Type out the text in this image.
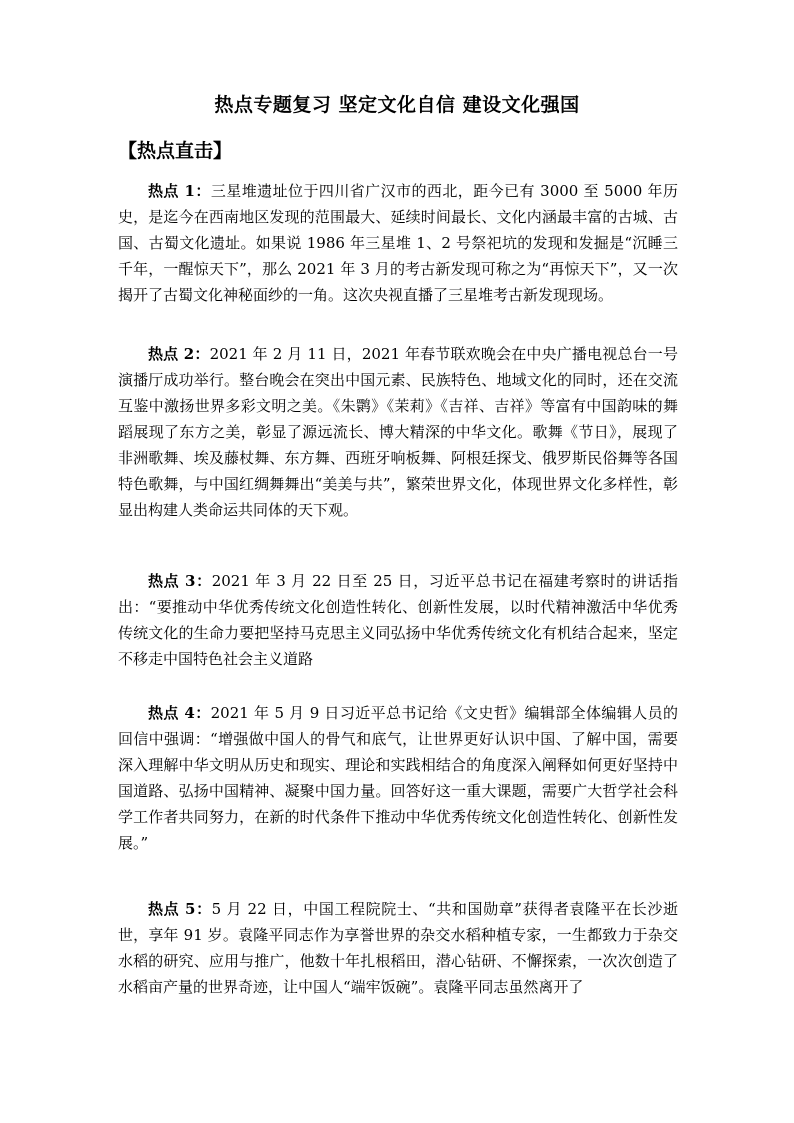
热点专题复习 坚定文化自信 建设文化强国
【热点直击】

热点 1：三星堆遗址位于四川省广汉市的西北，距今已有 3000 至 5000 年历史，是迄今在西南地区发现的范围最大、延续时间最长、文化内涵最丰富的古城、古国、古蜀文化遗址。如果说 1986 年三星堆 1、2 号祭祀坑的发现和发掘是“沉睡三千年，一醒惊天下”，那么 2021 年 3 月的考古新发现可称之为“再惊天下”，又一次揭开了古蜀文化神秘面纱的一角。这次央视直播了三星堆考古新发现现场。

热点 2：2021 年 2 月 11 日，2021 年春节联欢晚会在中央广播电视总台一号演播厅成功举行。整台晚会在突出中国元素、民族特色、地域文化的同时，还在交流互鉴中激扬世界多彩文明之美。《朱鹮》《茉莉》《吉祥、吉祥》等富有中国韵味的舞蹈展现了东方之美，彰显了源远流长、博大精深的中华文化。歌舞《节日》，展现了非洲歌舞、埃及藤杖舞、东方舞、西班牙响板舞、阿根廷探戈、俄罗斯民俗舞等各国特色歌舞，与中国红绸舞舞出“美美与共”，繁荣世界文化，体现世界文化多样性，彰显出构建人类命运共同体的天下观。

热点 3：2021 年 3 月 22 日至 25 日，习近平总书记在福建考察时的讲话指出：“要推动中华优秀传统文化创造性转化、创新性发展，以时代精神激活中华优秀传统文化的生命力要把坚持马克思主义同弘扬中华优秀传统文化有机结合起来，坚定不移走中国特色社会主义道路

热点 4：2021 年 5 月 9 日习近平总书记给《文史哲》编辑部全体编辑人员的回信中强调：“增强做中国人的骨气和底气，让世界更好认识中国、了解中国，需要深入理解中华文明从历史和现实、理论和实践相结合的角度深入阐释如何更好坚持中国道路、弘扬中国精神、凝聚中国力量。回答好这一重大课题，需要广大哲学社会科学工作者共同努力，在新的时代条件下推动中华优秀传统文化创造性转化、创新性发展。”

热点 5：5 月 22 日，中国工程院院士、“共和国勋章”获得者袁隆平在长沙逝世，享年 91 岁。袁隆平同志作为享誉世界的杂交水稻种植专家，一生都致力于杂交水稻的研究、应用与推广，他数十年扎根稻田，潜心钻研、不懈探索，一次次创造了水稻亩产量的世界奇迹，让中国人“端牢饭碗”。袁隆平同志虽然离开了
